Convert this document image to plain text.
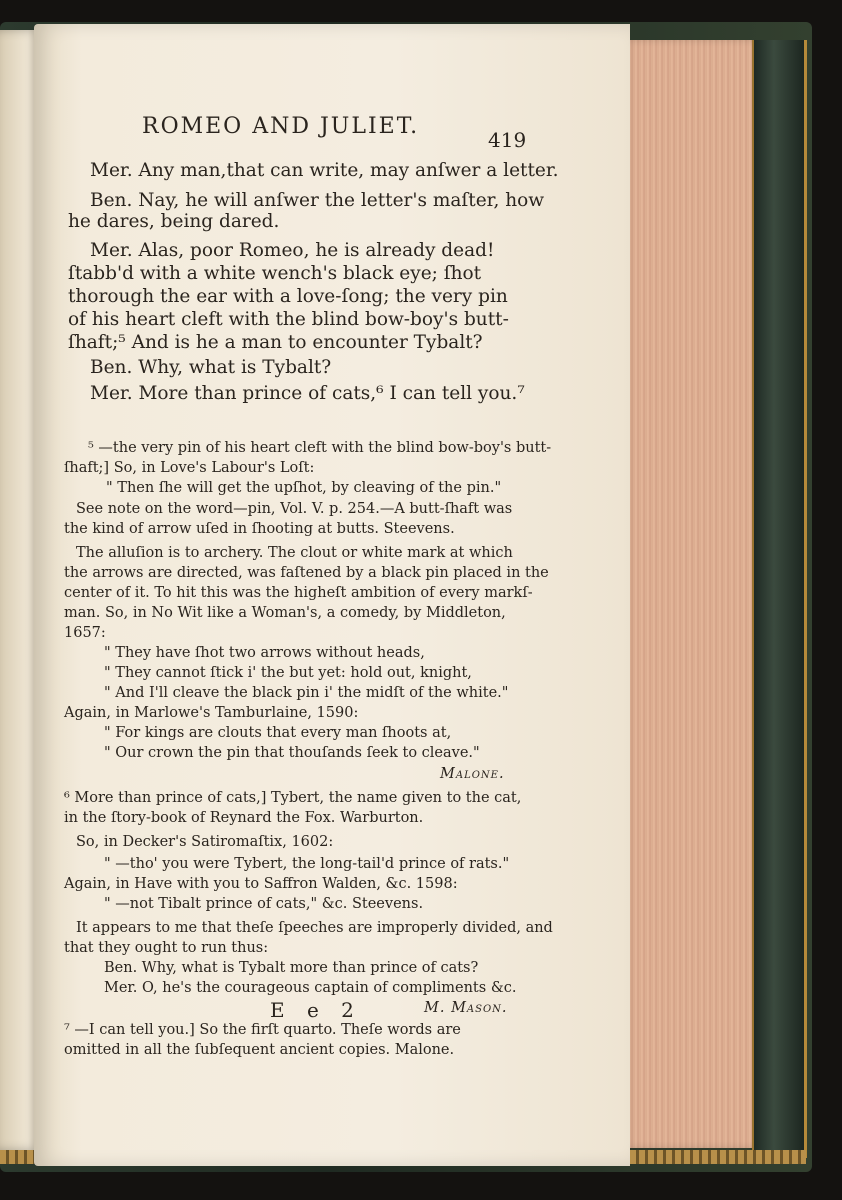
ROMEO AND JULIET.
419
Mer. Any man,that can write, may anſwer a letter.
Ben. Nay, he will anſwer the letter's maſter, how
he dares, being dared.
Mer. Alas, poor Romeo, he is already dead!
ſtabb'd with a white wench's black eye; ſhot
thorough the ear with a love-ſong; the very pin
of his heart cleft with the blind bow-boy's butt-
ſhaft;⁵ And is he a man to encounter Tybalt?
Ben. Why, what is Tybalt?
Mer. More than prince of cats,⁶ I can tell you.⁷
⁵ —the very pin of his heart cleft with the blind bow-boy's butt-
ſhaft;] So, in Love's Labour's Loſt:
" Then ſhe will get the upſhot, by cleaving of the pin."
See note on the word—pin, Vol. V. p. 254.—A butt-ſhaft was
the kind of arrow uſed in ſhooting at butts. Steevens.
The alluſion is to archery. The clout or white mark at which
the arrows are directed, was faſtened by a black pin placed in the
center of it. To hit this was the higheſt ambition of every markſ-
man. So, in No Wit like a Woman's, a comedy, by Middleton,
1657:
" They have ſhot two arrows without heads,
" They cannot ſtick i' the but yet: hold out, knight,
" And I'll cleave the black pin i' the midſt of the white."
Again, in Marlowe's Tamburlaine, 1590:
" For kings are clouts that every man ſhoots at,
" Our crown the pin that thouſands ſeek to cleave."
Malone.
⁶ More than prince of cats,] Tybert, the name given to the cat,
in the ſtory-book of Reynard the Fox. Warburton.
So, in Decker's Satiromaſtix, 1602:
" —tho' you were Tybert, the long-tail'd prince of rats."
Again, in Have with you to Saffron Walden, &c. 1598:
" —not Tibalt prince of cats," &c. Steevens.
It appears to me that theſe ſpeeches are improperly divided, and
that they ought to run thus:
Ben. Why, what is Tybalt more than prince of cats?
Mer. O, he's the courageous captain of compliments &c.
M. Mason.
⁷ —I can tell you.] So the firſt quarto. Theſe words are
omitted in all the ſubſequent ancient copies. Malone.
E e 2
